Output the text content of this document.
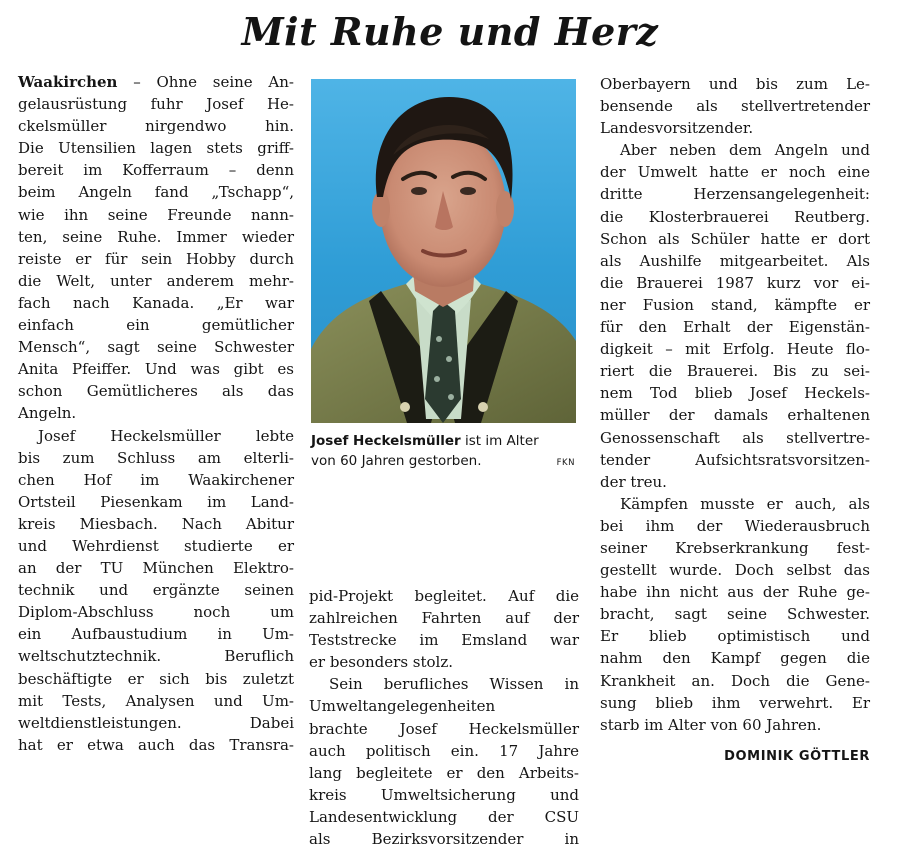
Mit Ruhe und Herz

Waakirchen – Ohne seine An-
gelausrüstung fuhr Josef He-
ckelsmüller nirgendwo hin.
Die Utensilien lagen stets griff-
bereit im Kofferraum – denn
beim Angeln fand „Tschapp“,
wie ihn seine Freunde nann-
ten, seine Ruhe. Immer wieder
reiste er für sein Hobby durch
die Welt, unter anderem mehr-
fach nach Kanada. „Er war
einfach ein gemütlicher
Mensch“, sagt seine Schwester
Anita Pfeiffer. Und was gibt es
schon Gemütlicheres als das
Angeln.

Josef Heckelsmüller lebte
bis zum Schluss am elterli-
chen Hof im Waakirchener
Ortsteil Piesenkam im Land-
kreis Miesbach. Nach Abitur
und Wehrdienst studierte er
an der TU München Elektro-
technik und ergänzte seinen
Diplom-Abschluss noch um
ein Aufbaustudium in Um-
weltschutztechnik. Beruflich
beschäftigte er sich bis zuletzt
mit Tests, Analysen und Um-
weltdienstleistungen. Dabei
hat er etwa auch das Transra-

Josef Heckelsmüller ist im Alter
von 60 Jahren gestorben.	FKN

pid-Projekt begleitet. Auf die
zahlreichen Fahrten auf der
Teststrecke im Emsland war
er besonders stolz.

Sein berufliches Wissen in
Umweltangelegenheiten
brachte Josef Heckelsmüller
auch politisch ein. 17 Jahre
lang begleitete er den Arbeits-
kreis Umweltsicherung und
Landesentwicklung der CSU
als Bezirksvorsitzender in

Oberbayern und bis zum Le-
bensende als stellvertretender
Landesvorsitzender.

Aber neben dem Angeln und
der Umwelt hatte er noch eine
dritte Herzensangelegenheit:
die Klosterbrauerei Reutberg.
Schon als Schüler hatte er dort
als Aushilfe mitgearbeitet. Als
die Brauerei 1987 kurz vor ei-
ner Fusion stand, kämpfte er
für den Erhalt der Eigenstän-
digkeit – mit Erfolg. Heute flo-
riert die Brauerei. Bis zu sei-
nem Tod blieb Josef Heckels-
müller der damals erhaltenen
Genossenschaft als stellvertre-
tender Aufsichtsratsvorsitzen-
der treu.

Kämpfen musste er auch, als
bei ihm der Wiederausbruch
seiner Krebserkrankung fest-
gestellt wurde. Doch selbst das
habe ihn nicht aus der Ruhe ge-
bracht, sagt seine Schwester.
Er blieb optimistisch und
nahm den Kampf gegen die
Krankheit an. Doch die Gene-
sung blieb ihm verwehrt. Er
starb im Alter von 60 Jahren.

DOMINIK GÖTTLER
